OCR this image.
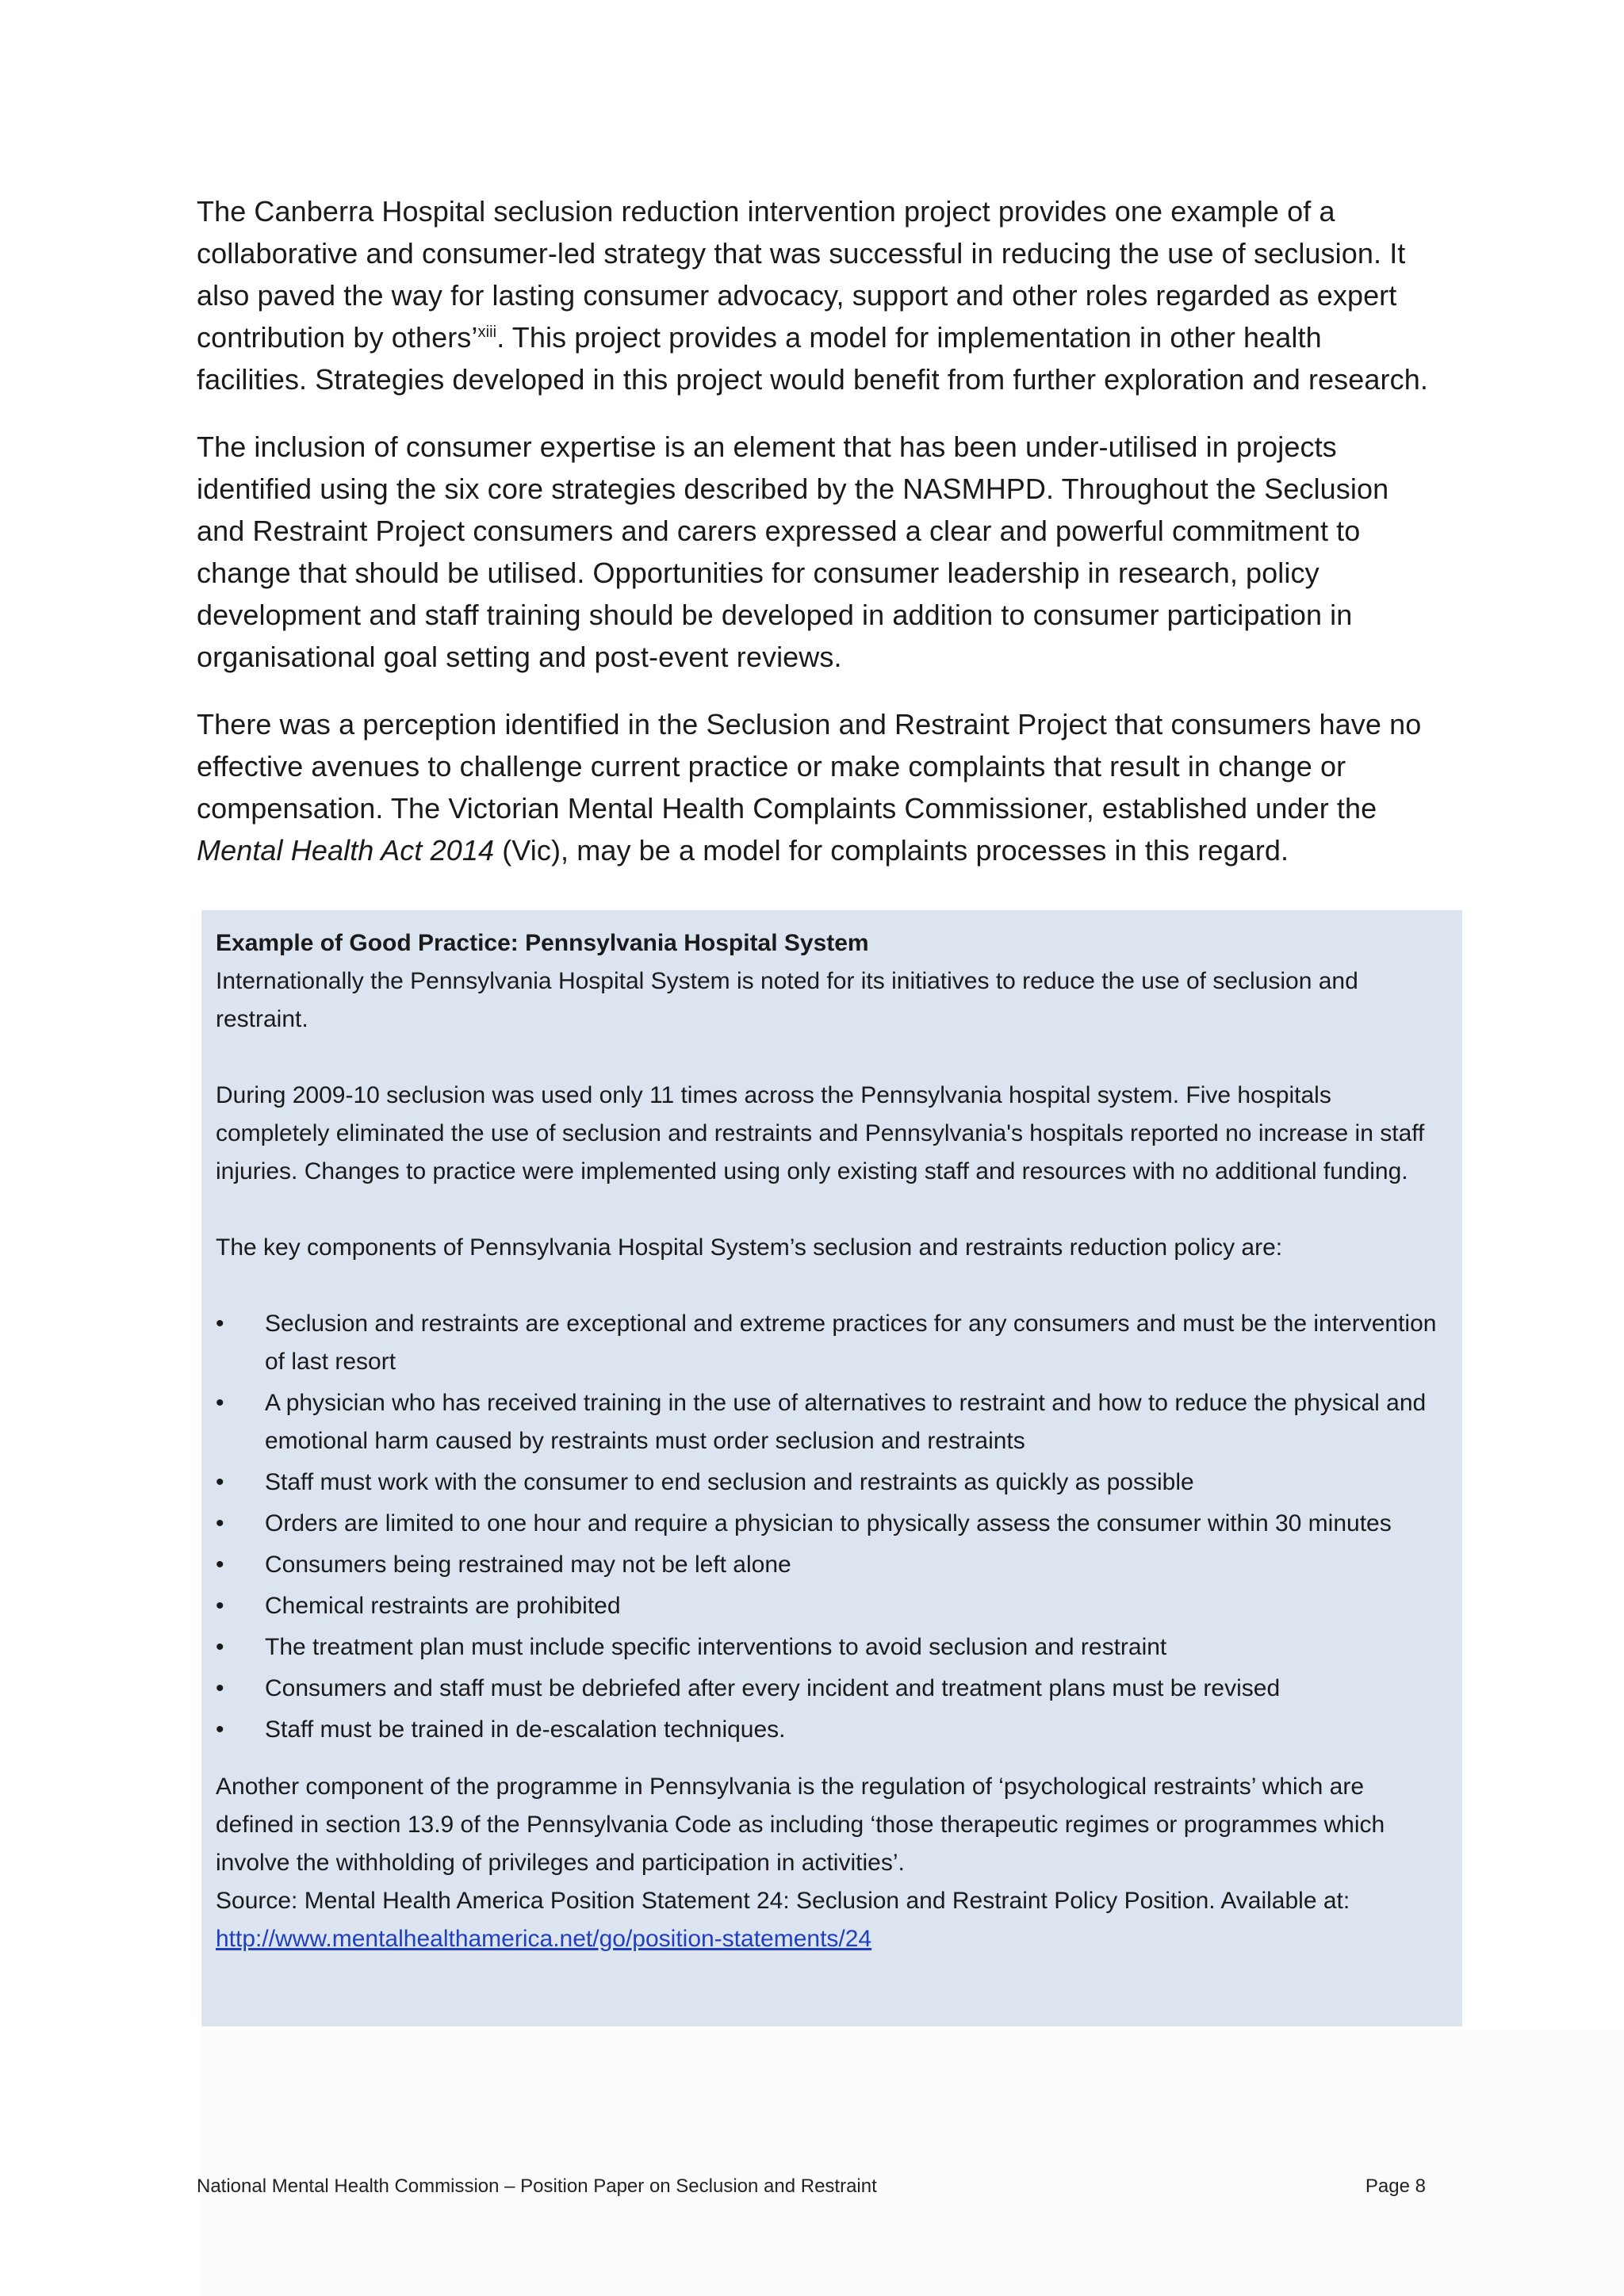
The Canberra Hospital seclusion reduction intervention project provides one example of a collaborative and consumer-led strategy that was successful in reducing the use of seclusion. It also paved the way for lasting consumer advocacy, support and other roles regarded as expert contribution by others’$^{xiii}$. This project provides a model for implementation in other health facilities. Strategies developed in this project would benefit from further exploration and research.

The inclusion of consumer expertise is an element that has been under-utilised in projects identified using the six core strategies described by the NASMHPD. Throughout the Seclusion and Restraint Project consumers and carers expressed a clear and powerful commitment to change that should be utilised. Opportunities for consumer leadership in research, policy development and staff training should be developed in addition to consumer participation in organisational goal setting and post-event reviews.

There was a perception identified in the Seclusion and Restraint Project that consumers have no effective avenues to challenge current practice or make complaints that result in change or compensation. The Victorian Mental Health Complaints Commissioner, established under the Mental Health Act 2014 (Vic), may be a model for complaints processes in this regard.

Example of Good Practice: Pennsylvania Hospital System

Internationally the Pennsylvania Hospital System is noted for its initiatives to reduce the use of seclusion and restraint.

During 2009-10 seclusion was used only 11 times across the Pennsylvania hospital system. Five hospitals completely eliminated the use of seclusion and restraints and Pennsylvania's hospitals reported no increase in staff injuries. Changes to practice were implemented using only existing staff and resources with no additional funding.

The key components of Pennsylvania Hospital System’s seclusion and restraints reduction policy are:

•	Seclusion and restraints are exceptional and extreme practices for any consumers and must be the intervention of last resort
•	A physician who has received training in the use of alternatives to restraint and how to reduce the physical and emotional harm caused by restraints must order seclusion and restraints
•	Staff must work with the consumer to end seclusion and restraints as quickly as possible
•	Orders are limited to one hour and require a physician to physically assess the consumer within 30 minutes
•	Consumers being restrained may not be left alone
•	Chemical restraints are prohibited
•	The treatment plan must include specific interventions to avoid seclusion and restraint
•	Consumers and staff must be debriefed after every incident and treatment plans must be revised
•	Staff must be trained in de-escalation techniques.

Another component of the programme in Pennsylvania is the regulation of ‘psychological restraints’ which are defined in section 13.9 of the Pennsylvania Code as including ‘those therapeutic regimes or programmes which involve the withholding of privileges and participation in activities’.

Source: Mental Health America Position Statement 24: Seclusion and Restraint Policy Position. Available at:

http://www.mentalhealthamerica.net/go/position-statements/24

National Mental Health Commission – Position Paper on Seclusion and Restraint	Page 8
